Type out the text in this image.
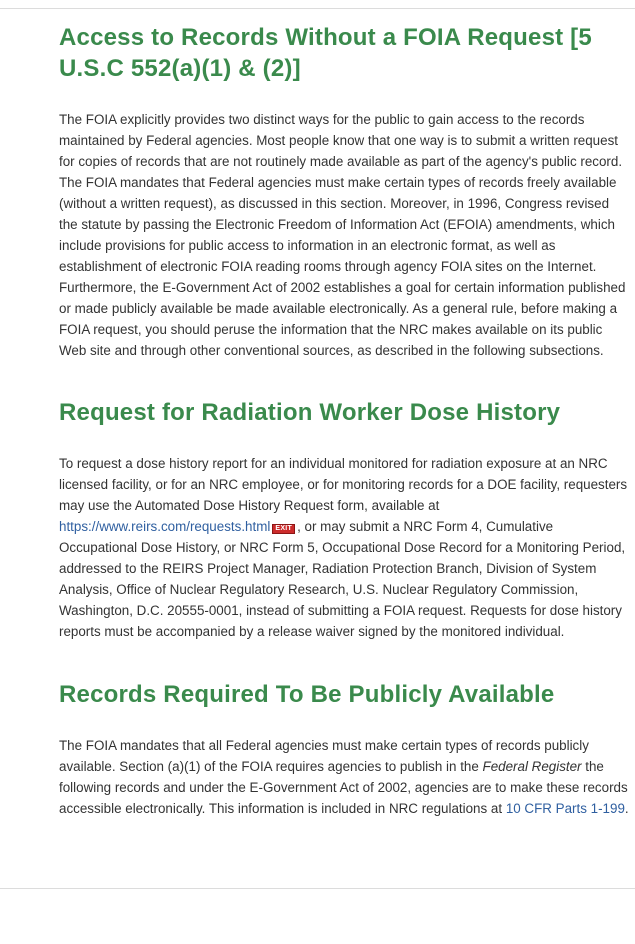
Access to Records Without a FOIA Request [5 U.S.C 552(a)(1) & (2)]

The FOIA explicitly provides two distinct ways for the public to gain access to the records maintained by Federal agencies. Most people know that one way is to submit a written request for copies of records that are not routinely made available as part of the agency's public record. The FOIA mandates that Federal agencies must make certain types of records freely available (without a written request), as discussed in this section. Moreover, in 1996, Congress revised the statute by passing the Electronic Freedom of Information Act (EFOIA) amendments, which include provisions for public access to information in an electronic format, as well as establishment of electronic FOIA reading rooms through agency FOIA sites on the Internet. Furthermore, the E-Government Act of 2002 establishes a goal for certain information published or made publicly available be made available electronically. As a general rule, before making a FOIA request, you should peruse the information that the NRC makes available on its public Web site and through other conventional sources, as described in the following subsections.

Request for Radiation Worker Dose History

To request a dose history report for an individual monitored for radiation exposure at an NRC licensed facility, or for an NRC employee, or for monitoring records for a DOE facility, requesters may use the Automated Dose History Request form, available at https://www.reirs.com/requests.html EXIT , or may submit a NRC Form 4, Cumulative Occupational Dose History, or NRC Form 5, Occupational Dose Record for a Monitoring Period, addressed to the REIRS Project Manager, Radiation Protection Branch, Division of System Analysis, Office of Nuclear Regulatory Research, U.S. Nuclear Regulatory Commission, Washington, D.C. 20555-0001, instead of submitting a FOIA request. Requests for dose history reports must be accompanied by a release waiver signed by the monitored individual.

Records Required To Be Publicly Available

The FOIA mandates that all Federal agencies must make certain types of records publicly available. Section (a)(1) of the FOIA requires agencies to publish in the Federal Register the following records and under the E-Government Act of 2002, agencies are to make these records accessible electronically. This information is included in NRC regulations at 10 CFR Parts 1-199.
